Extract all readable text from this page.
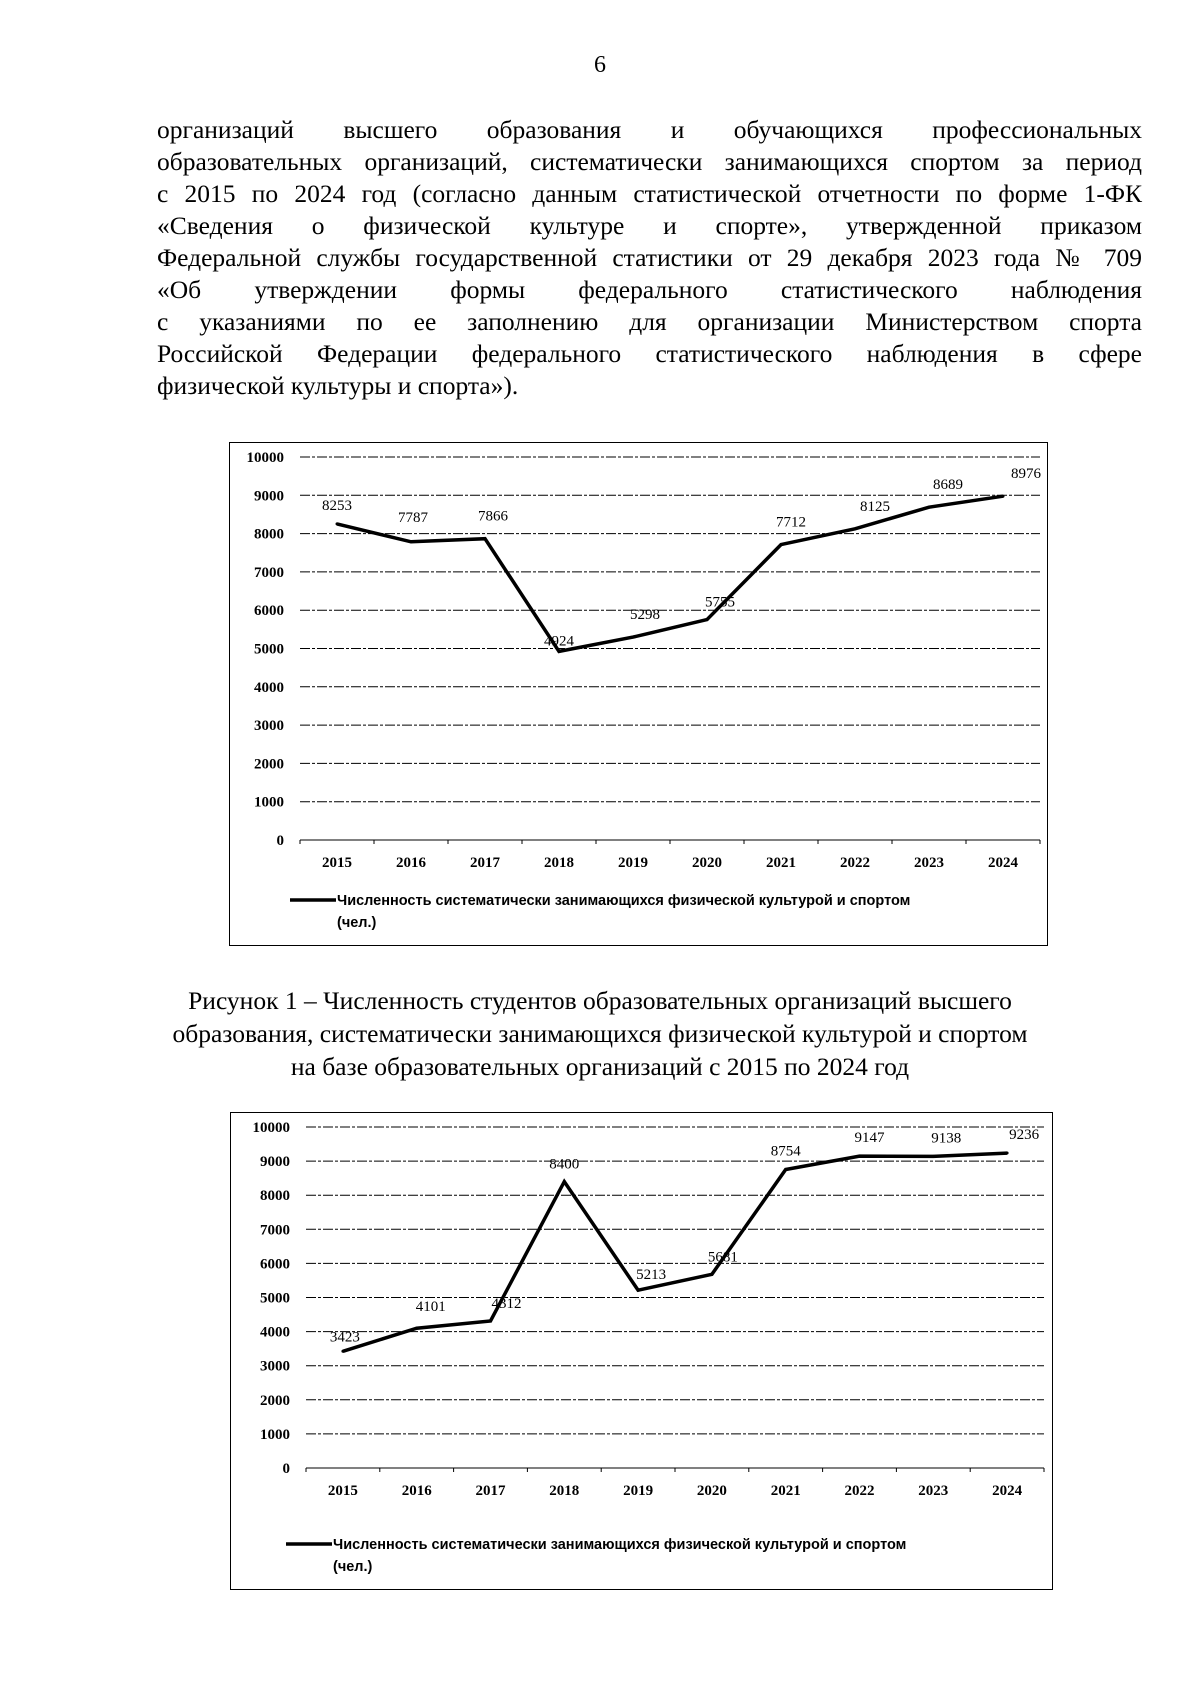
6
организаций высшего образования и обучающихся профессиональных
образовательных организаций, систематически занимающихся спортом за период
с 2015 по 2024 год (согласно данным статистической отчетности по форме 1-ФК
«Сведения о физической культуре и спорте», утвержденной приказом
Федеральной службы государственной статистики от 29 декабря 2023 года № 709
«Об утверждении формы федерального статистического наблюдения
с указаниями по ее заполнению для организации Министерством спорта
Российской Федерации федерального статистического наблюдения в сфере
физической культуры и спорта»).
0
1000
2000
3000
4000
5000
6000
7000
8000
9000
10000
2015	2016	2017	2018	2019	2020	2021	2022	2023	2024
8253
7787	7866
4924
5298
5755
7712
8125
8689
8976
Численность систематически занимающихся физической культурой и спортом
(чел.)
Рисунок 1 – Численность студентов образовательных организаций высшего
образования, систематически занимающихся физической культурой и спортом
на базе образовательных организаций с 2015 по 2024 год
0
1000
2000
3000
4000
5000
6000
7000
8000
9000
10000
2015	2016	2017	2018	2019	2020	2021	2022	2023	2024
3423
4101	4312
8400
5213
5681
8754
9147	9138	9236
Численность систематически занимающихся физической культурой и спортом
(чел.)
